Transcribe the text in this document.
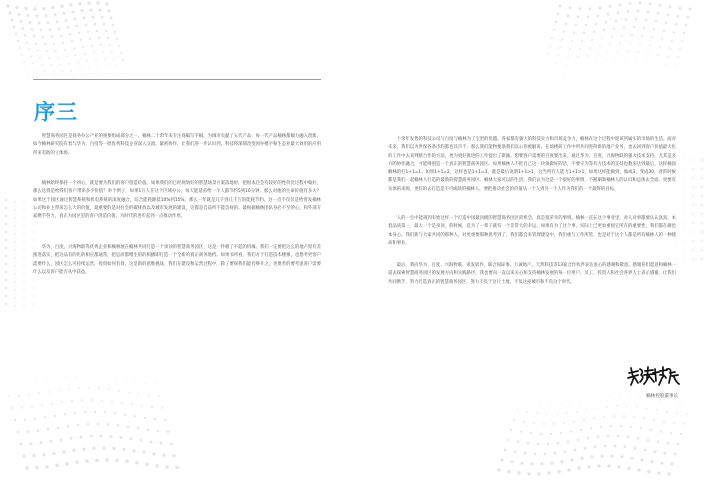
序三

智慧商务园区是商务办公产业的重要组成部分之一。楠林二十余年来专注商编写手稿，为城市贡献了五代产品：每一代产品楠林都倾力融入创新。如今楠林研究院有着与华为、百度等一批优秀科技企业深入交流、紧密协作，让我们进一步认识到，科技将深刻改变园办楼字和生态业最大效用的应用所来有助的立体场。

楠林始终保持一个初心，就是要为我们的客户创造价值。如果我们的已经规划好的智慧场景方案落地时，把根本还会有较好的性价比过程中做好，那么这将是给我们客户带来多少价值？举个例子，如果1万人在这个区域办公，每天能延省给一个人都节约5到10分钟，那么对他的生命价值有多大？如果这个园区通过智慧系统和机电系统的深度融合，综合能耗降低10%到15%，那么一年就是几千到几千万的能耗节约。这一点不仅仅是给客发楠林公司和业主带来怎么大的价值，最重要的是对社会的碳排放以及城市发展的建设，这都是自前所不能忽视的。最根据楠林团队身必不至的心，和外部专家携手努力，真正为园区里的客户创造价值，为时代的进步起到一点推动作用。

华为、百度、兴海物联等优秀企业和楠林展在楠林共同打造一个顶顶的智慧商务园区，这是一件极了不起的机缘。我们一定要把这么的地产原有差推进落实，把这品有的化的相应都通常，把总而都赠生的的相播即打造一个全新的真正商务地档。如果书所看，我们方于打造技术楼梯，也想考更客户需要什么，园区怎么可持续运营，投资如何有效，这是新的思维挑战。我们在建设和运营过程中，除了要保我们能有够升之，更要善的要考虑客户需要什么以及客户能否从中获益。

十余年发售的科技公司与百度与楠林为了宝贵的优越。各家都有强大的科技实力和市场竞争力。楠林在这个过程中迎该到属实的市场的生活。面对未来，我们以为世保各条市均都也其市不，那么我们能物要条我们以公你被解说。在场楼研工作中所共同进阶新的地产业务，也去回到客户价值最大化的工作中去来判断合作的方法，更为更好推进的工作提出了新颖。想要客户需要的百度要出来。通过华为、百度、兴海物联的强大技术支持，尤其是多方的协作融合，才能够创造一个真正的智慧商务园区。如果楠林人不把自己这一块领做好的话，不要守为等有方技术的支持也数来达到最后，这样楠园楠林的打1+1=1；如果1+1=2，这样也是1+1=3，就是最后说明1+1>1，这当所有人能力1+1>1，如果这样能做到，做成3、变成30，对的时候都是我们一起楠林人打造的最新的智慧商务园区。楠林大家可以的生活，我们认为这是一个很好的事情，不断刷新楠林人的认识和总体去全面，更要有实体的来源，更好的去打造是不可或缺的楠林人，要把推动社会的价值从一个人到另一个人作为我们的一个最终的目标。

人的一生中能遇到有始这样一个打造中国最顶级的智慧商务园区的机会，真是很荣幸的事情。楠林一直在这个事业里，对人对事都要认认真真，本着品质第一，最大一个是顶顶，的时候，是为了一辈子就有一个非常大的幸运。如果有为了这个事，实际上已更加重视它所在的重要性，我们都在做也本身心。我们新与大家共同的那种人，对更重要那种思考到了，我们都会来管理建设中，我们重与工作所管，也是对于这个人都是所有楠林人的一种使命和事业。

最后，我向华为、百度、兴海物联、讯发软件、联合国际事、万诚地产、天然科技等13家合作伙伴表达衷心的感谢和敬意。感谢你们愿意和楠林一道去探索智慧商务园区的发展方向和实践路径。我也要向一直以来关心和支持楠林发展的每一位用户、员工、投资人和社会各界人士表示感谢。让我们共同携手，努力打造真正的智慧商务园区，努力不负于这片土地、不负这座城市和不负这个时代。

楠林控股董事长
